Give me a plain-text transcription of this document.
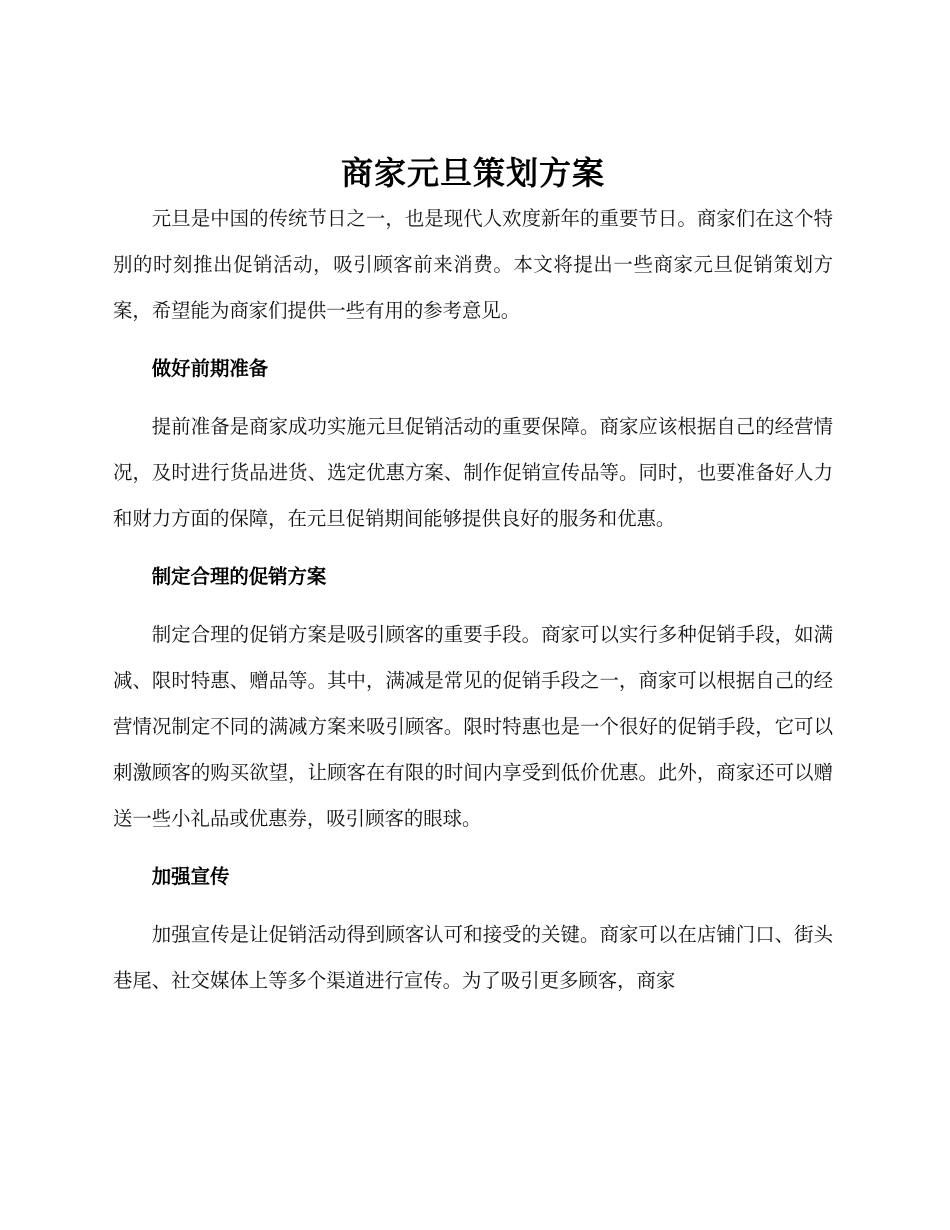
商家元旦策划方案

元旦是中国的传统节日之一，也是现代人欢度新年的重要节日。商家们在这个特别的时刻推出促销活动，吸引顾客前来消费。本文将提出一些商家元旦促销策划方案，希望能为商家们提供一些有用的参考意见。

做好前期准备

提前准备是商家成功实施元旦促销活动的重要保障。商家应该根据自己的经营情况，及时进行货品进货、选定优惠方案、制作促销宣传品等。同时，也要准备好人力和财力方面的保障，在元旦促销期间能够提供良好的服务和优惠。

制定合理的促销方案

制定合理的促销方案是吸引顾客的重要手段。商家可以实行多种促销手段，如满减、限时特惠、赠品等。其中，满减是常见的促销手段之一，商家可以根据自己的经营情况制定不同的满减方案来吸引顾客。限时特惠也是一个很好的促销手段，它可以刺激顾客的购买欲望，让顾客在有限的时间内享受到低价优惠。此外，商家还可以赠送一些小礼品或优惠券，吸引顾客的眼球。

加强宣传

加强宣传是让促销活动得到顾客认可和接受的关键。商家可以在店铺门口、街头巷尾、社交媒体上等多个渠道进行宣传。为了吸引更多顾客，商家
